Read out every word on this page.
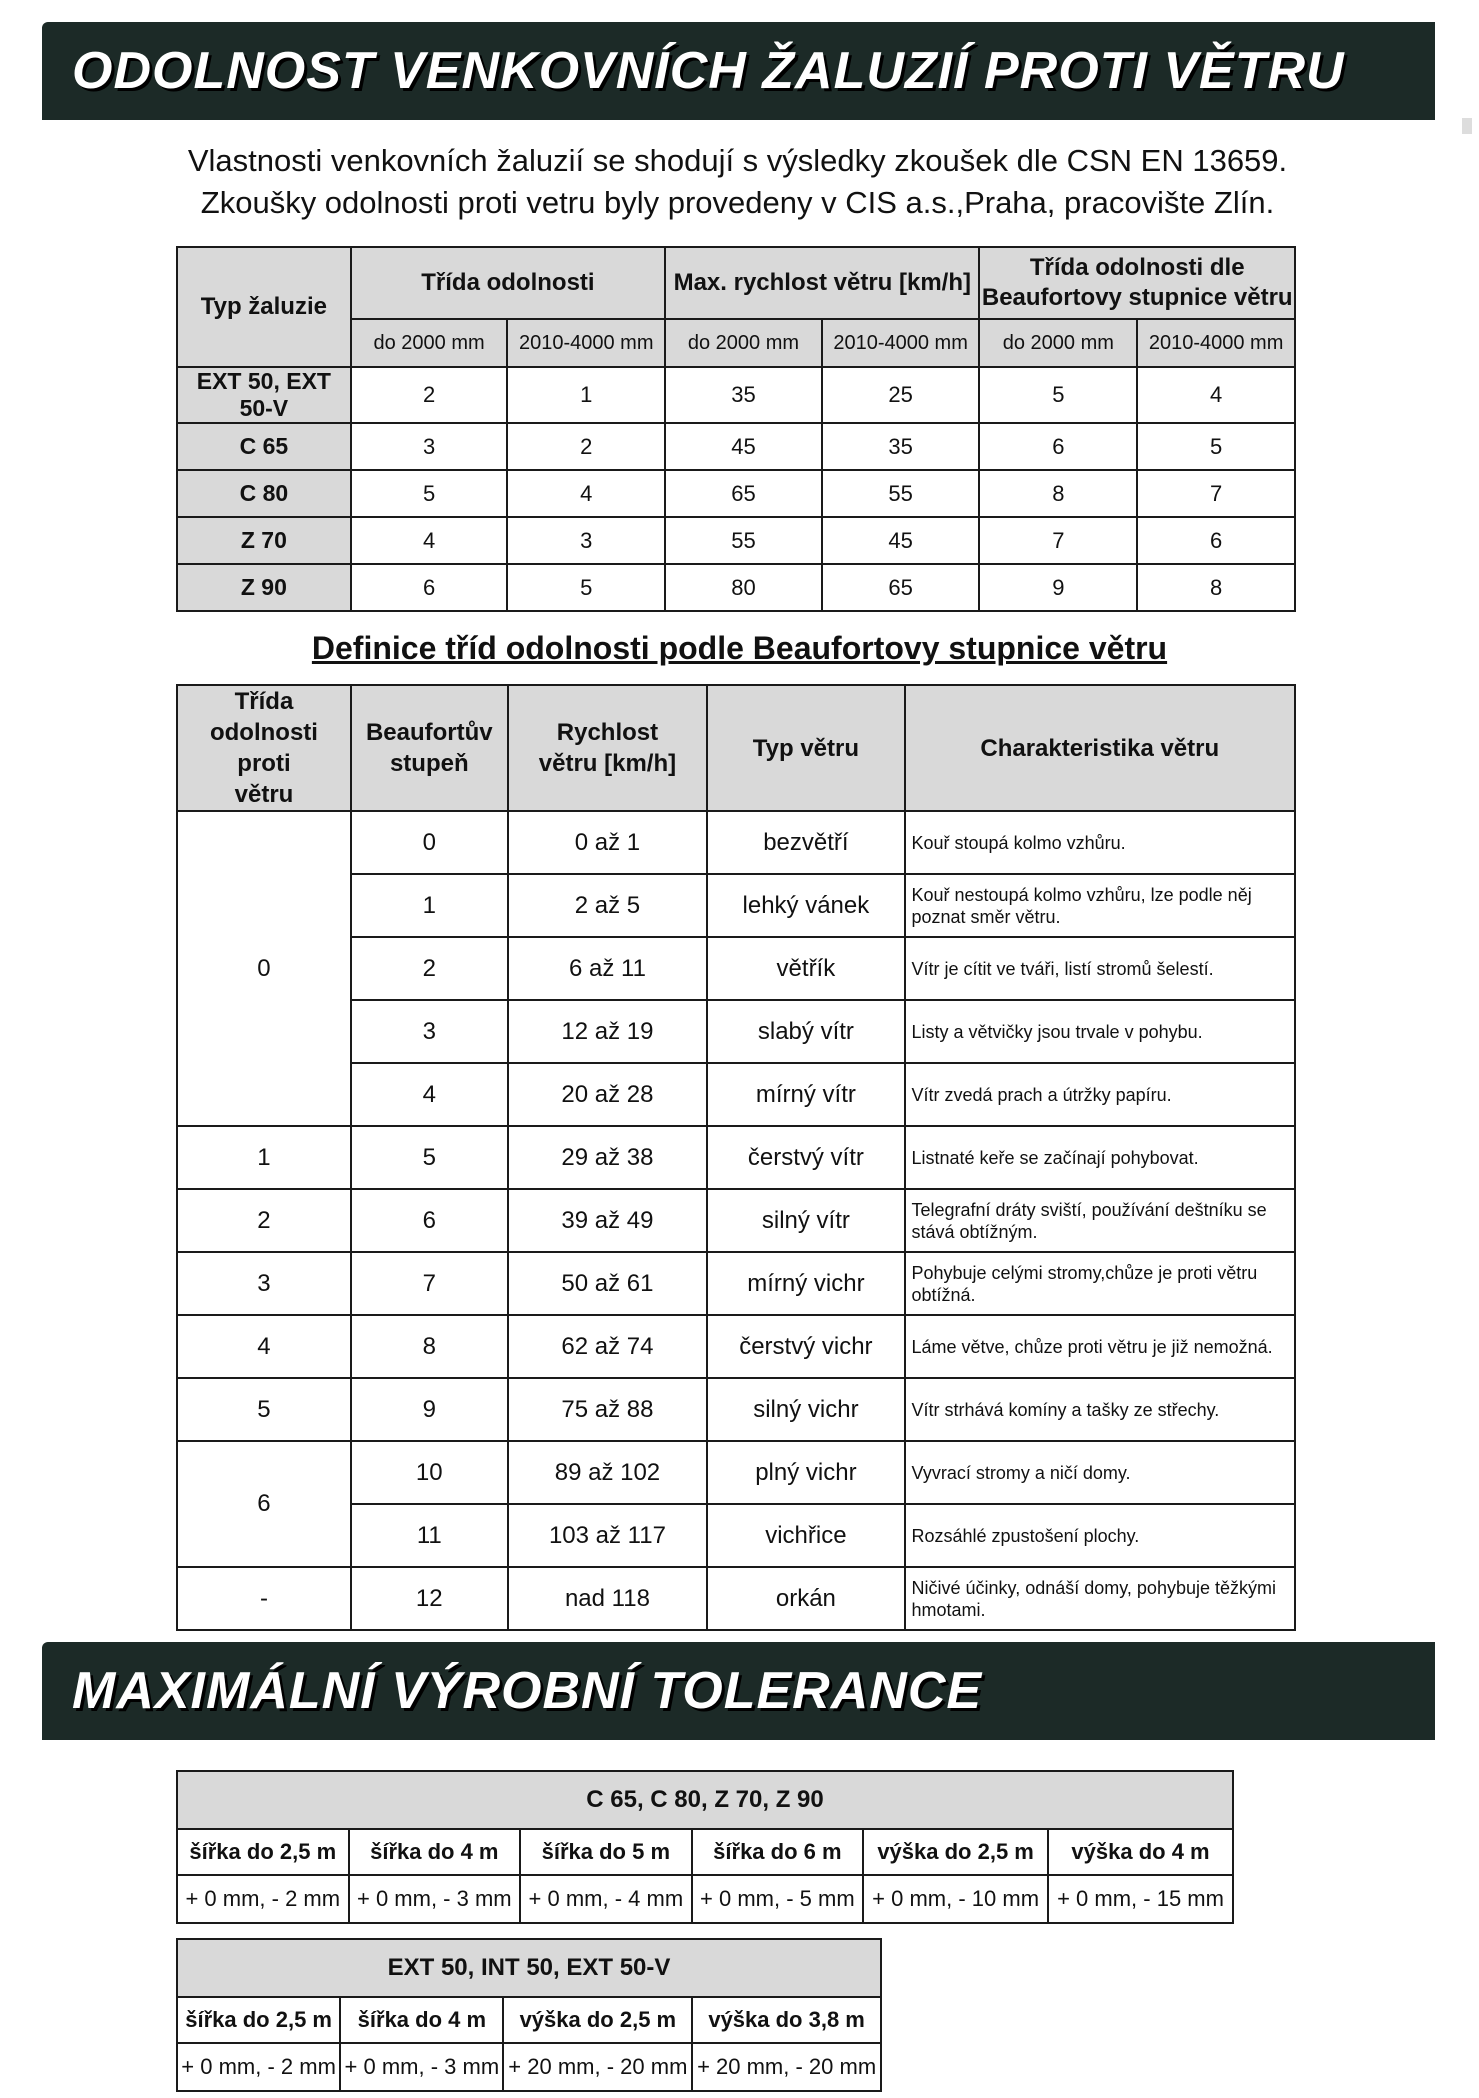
ODOLNOST VENKOVNÍCH ŽALUZIÍ PROTI VĚTRU
Vlastnosti venkovních žaluzií se shodují s výsledky zkoušek dle CSN EN 13659.
Zkoušky odolnosti proti vetru byly provedeny v CIS a.s.,Praha, pracovište Zlín.
Typ žaluzie	Třída odolnosti		Max. rychlost větru [km/h]		Třída odolnosti dle Beaufortovy stupnice větru	
	do 2000 mm	2010-4000 mm	do 2000 mm	2010-4000 mm	do 2000 mm	2010-4000 mm
EXT 50, EXT 50-V	2	1	35	25	5	4
C 65	3	2	45	35	6	5
C 80	5	4	65	55	8	7
Z 70	4	3	55	45	7	6
Z 90	6	5	80	65	9	8
Definice tříd odolnosti podle Beaufortovy stupnice větru
Třída odolnosti proti větru	Beaufortův stupeň	Rychlost větru [km/h]	Typ větru	Charakteristika větru
0	0	0 až 1	bezvětří	Kouř stoupá kolmo vzhůru.
	1	2 až 5	lehký vánek	Kouř nestoupá kolmo vzhůru, lze podle něj poznat směr větru.
	2	6 až 11	větřík	Vítr je cítit ve tváři, listí stromů šelestí.
	3	12 až 19	slabý vítr	Listy a větvičky jsou trvale v pohybu.
	4	20 až 28	mírný vítr	Vítr zvedá prach a útržky papíru.
1	5	29 až 38	čerstvý vítr	Listnaté keře se začínají pohybovat.
2	6	39 až 49	silný vítr	Telegrafní dráty sviští, používání deštníku se stává obtížným.
3	7	50 až 61	mírný vichr	Pohybuje celými stromy,chůze je proti větru obtížná.
4	8	62 až 74	čerstvý vichr	Láme větve, chůze proti větru je již nemožná.
5	9	75 až 88	silný vichr	Vítr strhává komíny a tašky ze střechy.
6	10	89 až 102	plný vichr	Vyvrací stromy a ničí domy.
	11	103 až 117	vichřice	Rozsáhlé zpustošení plochy.
-	12	nad 118	orkán	Ničivé účinky, odnáší domy, pohybuje těžkými hmotami.
MAXIMÁLNÍ VÝROBNÍ TOLERANCE
C 65, C 80, Z 70, Z 90					
šířka do 2,5 m	šířka do 4 m	šířka do 5 m	šířka do 6 m	výška do 2,5 m	výška do 4 m
+ 0 mm, - 2 mm	+ 0 mm, - 3 mm	+ 0 mm, - 4 mm	+ 0 mm, - 5 mm	+ 0 mm, - 10 mm	+ 0 mm, - 15 mm
EXT 50, INT 50, EXT 50-V			
šířka do 2,5 m	šířka do 4 m	výška do 2,5 m	výška do 3,8 m
+ 0 mm, - 2 mm	+ 0 mm, - 3 mm	+ 20 mm, - 20 mm	+ 20 mm, - 20 mm
